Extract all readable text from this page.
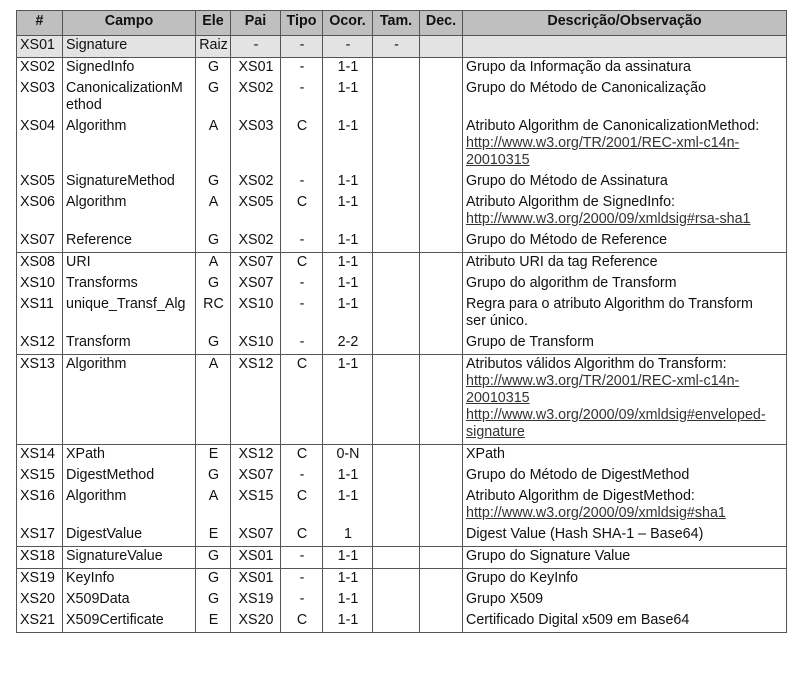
#	Campo	Ele	Pai	Tipo	Ocor.	Tam.	Dec.	Descrição/Observação
XS01	Signature	Raiz	-	-	-	-		
XS02	SignedInfo	G	XS01	-	1-1			Grupo da Informação da assinatura
XS03	CanonicalizationM
ethod	G	XS02	-	1-1			Grupo do Método de Canonicalização
XS04	Algorithm	A	XS03	C	1-1			Atributo Algorithm de CanonicalizationMethod:
http://www.w3.org/TR/2001/REC-xml-c14n-
20010315

XS05	SignatureMethod	G	XS02	-	1-1			Grupo do Método de Assinatura
XS06	Algorithm	A	XS05	C	1-1			Atributo Algorithm de SignedInfo:
http://www.w3.org/2000/09/xmldsig#rsa-sha1

XS07	Reference	G	XS02	-	1-1			Grupo do Método de Reference
XS08	URI	A	XS07	C	1-1			Atributo URI da tag Reference
XS10	Transforms	G	XS07	-	1-1			Grupo do algorithm de Transform
XS11	unique_Transf_Alg	RC	XS10	-	1-1			Regra para o atributo Algorithm do Transform
ser único.

XS12	Transform	G	XS10	-	2-2			Grupo de Transform
XS13	Algorithm	A	XS12	C	1-1			Atributos válidos Algorithm do Transform:
http://www.w3.org/TR/2001/REC-xml-c14n-
20010315
http://www.w3.org/2000/09/xmldsig#enveloped-
signature

XS14	XPath	E	XS12	C	0-N			XPath
XS15	DigestMethod	G	XS07	-	1-1			Grupo do Método de DigestMethod
XS16	Algorithm	A	XS15	C	1-1			Atributo Algorithm de DigestMethod:
http://www.w3.org/2000/09/xmldsig#sha1

XS17	DigestValue	E	XS07	C	1			Digest Value (Hash SHA-1 – Base64)
XS18	SignatureValue	G	XS01	-	1-1			Grupo do Signature Value
XS19	KeyInfo	G	XS01	-	1-1			Grupo do KeyInfo
XS20	X509Data	G	XS19	-	1-1			Grupo X509
XS21	X509Certificate	E	XS20	C	1-1			Certificado Digital x509 em Base64
